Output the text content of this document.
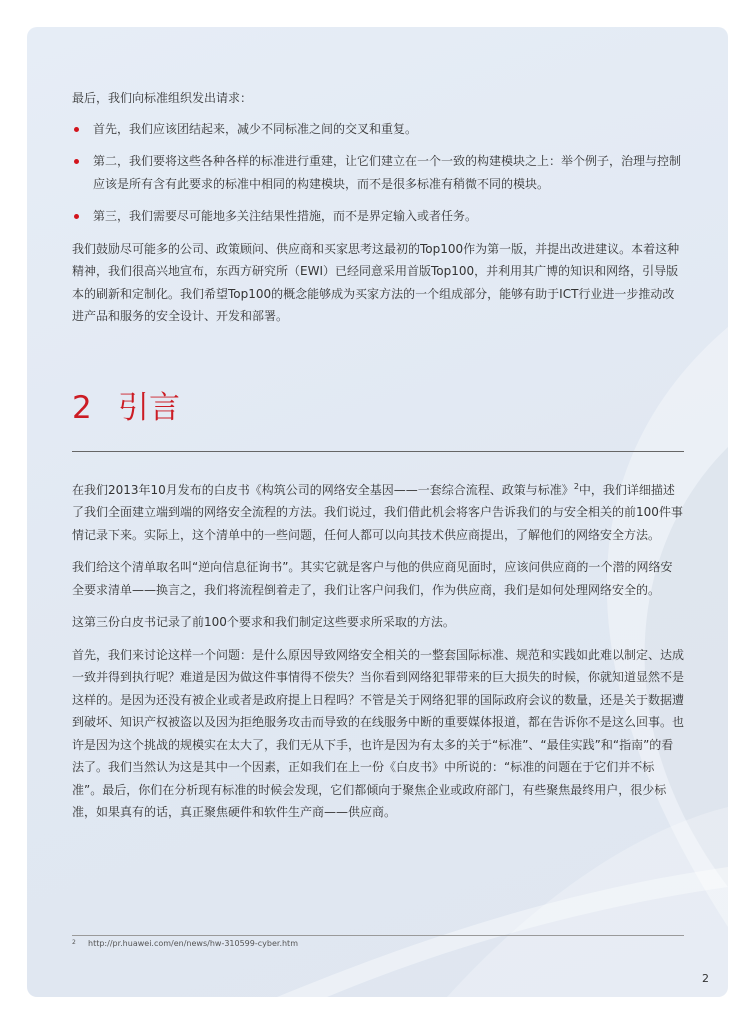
最后，我们向标准组织发出请求：

首先，我们应该团结起来，减少不同标准之间的交叉和重复。
第二，我们要将这些各种各样的标准进行重建，让它们建立在一个一致的构建模块之上：举个例子，治理与控制应该是所有含有此要求的标准中相同的构建模块，而不是很多标准有稍微不同的模块。
第三，我们需要尽可能地多关注结果性措施，而不是界定输入或者任务。

我们鼓励尽可能多的公司、政策顾问、供应商和买家思考这最初的Top100作为第一版，并提出改进建议。本着这种精神，我们很高兴地宣布，东西方研究所（EWI）已经同意采用首版Top100，并利用其广博的知识和网络，引导版本的刷新和定制化。我们希望Top100的概念能够成为买家方法的一个组成部分，能够有助于ICT行业进一步推动改进产品和服务的安全设计、开发和部署。

2 引言

在我们2013年10月发布的白皮书《构筑公司的网络安全基因——一套综合流程、政策与标准》$^2$中，我们详细描述了我们全面建立端到端的网络安全流程的方法。我们说过，我们借此机会将客户告诉我们的与安全相关的前100件事情记录下来。实际上，这个清单中的一些问题，任何人都可以向其技术供应商提出，了解他们的网络安全方法。

我们给这个清单取名叫“逆向信息征询书”。其实它就是客户与他的供应商见面时，应该问供应商的一个潜的网络安全要求清单——换言之，我们将流程倒着走了，我们让客户问我们，作为供应商，我们是如何处理网络安全的。

这第三份白皮书记录了前100个要求和我们制定这些要求所采取的方法。

首先，我们来讨论这样一个问题：是什么原因导致网络安全相关的一整套国际标准、规范和实践如此难以制定、达成一致并得到执行呢？难道是因为做这件事情得不偿失？当你看到网络犯罪带来的巨大损失的时候，你就知道显然不是这样的。是因为还没有被企业或者是政府提上日程吗？不管是关于网络犯罪的国际政府会议的数量，还是关于数据遭到破坏、知识产权被盗以及因为拒绝服务攻击而导致的在线服务中断的重要媒体报道，都在告诉你不是这么回事。也许是因为这个挑战的规模实在太大了，我们无从下手，也许是因为有太多的关于“标准”、“最佳实践”和“指南”的看法了。我们当然认为这是其中一个因素，正如我们在上一份《白皮书》中所说的：“标准的问题在于它们并不标准”。最后，你们在分析现有标准的时候会发现，它们都倾向于聚焦企业或政府部门，有些聚焦最终用户，很少标准，如果真有的话，真正聚焦硬件和软件生产商——供应商。

2 http://pr.huawei.com/en/news/hw-310599-cyber.htm
2
